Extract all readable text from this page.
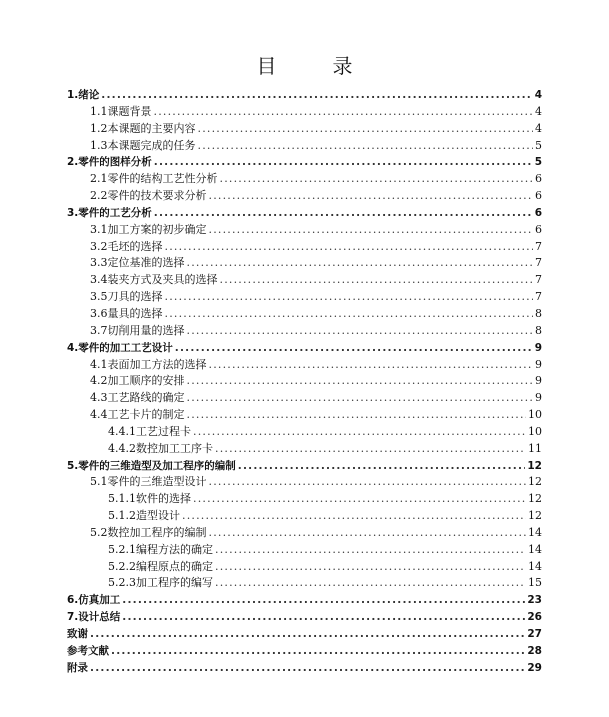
目　录
1.绪论 .....	4
1.1课题背景 .....	4
1.2本课题的主要内容 .....	4
1.3本课题完成的任务 .....	5
2.零件的图样分析 .....	5
2.1零件的结构工艺性分析 .....	6
2.2零件的技术要求分析 .....	6
3.零件的工艺分析 .....	6
3.1加工方案的初步确定 .....	6
3.2毛坯的选择 .....	7
3.3定位基准的选择 .....	7
3.4装夹方式及夹具的选择 .....	7
3.5刀具的选择 .....	7
3.6量具的选择 .....	8
3.7切削用量的选择 .....	8
4.零件的加工工艺设计 .....	9
4.1表面加工方法的选择 .....	9
4.2加工顺序的安排 .....	9
4.3工艺路线的确定 .....	9
4.4工艺卡片的制定 .....	10
4.4.1工艺过程卡 .....	10
4.4.2数控加工工序卡 .....	11
5.零件的三维造型及加工程序的编制 .....	12
5.1零件的三维造型设计 .....	12
5.1.1软件的选择 .....	12
5.1.2造型设计 .....	12
5.2数控加工程序的编制 .....	14
5.2.1编程方法的确定 .....	14
5.2.2编程原点的确定 .....	14
5.2.3加工程序的编写 .....	15
6.仿真加工 .....	23
7.设计总结 .....	26
致谢 .....	27
参考文献 .....	28
附录 .....	29
